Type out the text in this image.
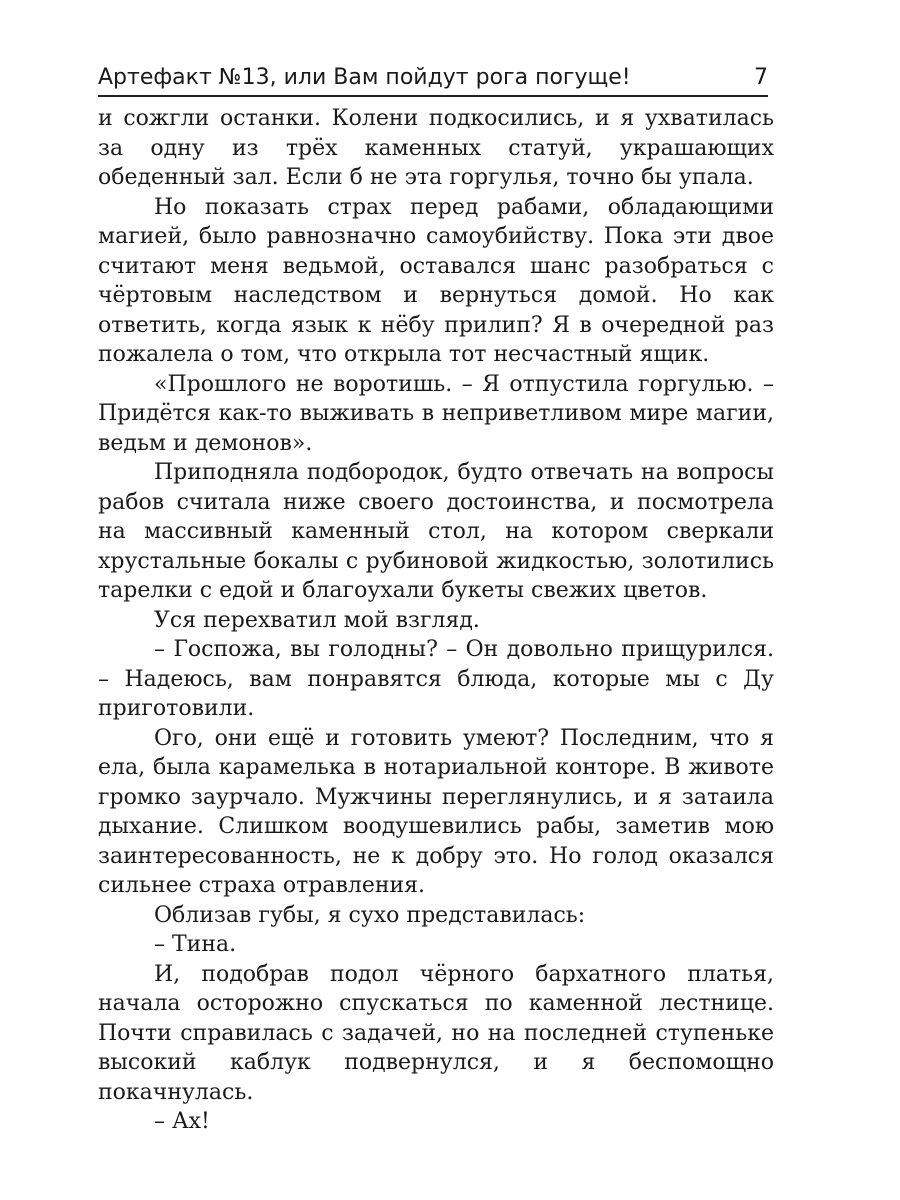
Артефакт №13, или Вам пойдут рога погуще!	7

и сожгли останки. Колени подкосились, и я ухватилась за одну из трёх каменных статуй, украшающих обеденный зал. Если б не эта горгулья, точно бы упала.

Но показать страх перед рабами, обладающими магией, было равнозначно самоубийству. Пока эти двое считают меня ведьмой, оставался шанс разобраться с чёртовым наследством и вернуться домой. Но как ответить, когда язык к нёбу прилип? Я в очередной раз пожалела о том, что открыла тот несчастный ящик.

«Прошлого не воротишь. – Я отпустила горгулью. – Придётся как-то выживать в неприветливом мире магии, ведьм и демонов».

Приподняла подбородок, будто отвечать на вопросы рабов считала ниже своего достоинства, и посмотрела на массивный каменный стол, на котором сверкали хрустальные бокалы с рубиновой жидкостью, золотились тарелки с едой и благоухали букеты свежих цветов.

Уся перехватил мой взгляд.

– Госпожа, вы голодны? – Он довольно прищурился. – Надеюсь, вам понравятся блюда, которые мы с Ду приготовили.

Ого, они ещё и готовить умеют? Последним, что я ела, была карамелька в нотариальной конторе. В животе громко заурчало. Мужчины переглянулись, и я затаила дыхание. Слишком воодушевились рабы, заметив мою заинтересованность, не к добру это. Но голод оказался сильнее страха отравления.

Облизав губы, я сухо представилась:

– Тина.

И, подобрав подол чёрного бархатного платья, начала осторожно спускаться по каменной лестнице. Почти справилась с задачей, но на последней ступеньке высокий каблук подвернулся, и я беспомощно покачнулась.

– Ах!
